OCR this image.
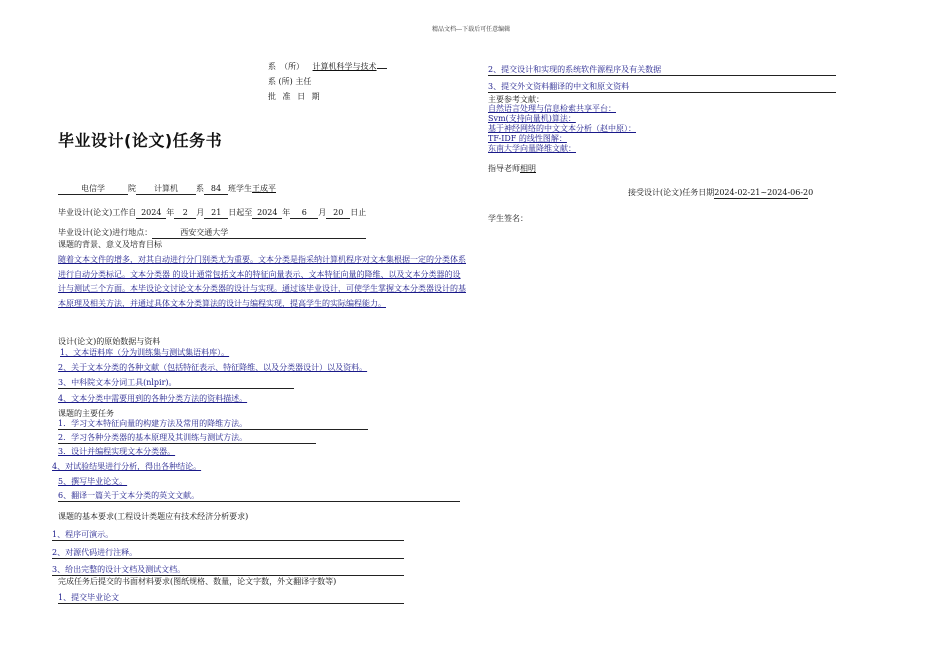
精品文档---下载后可任意编辑
系　（所） 计算机科学与技术
系 (所) 主任
批 准 日 期
毕业设计(论文)任务书
电信学	院 计算机 系 84 班学生王成平
毕业设计(论文)工作自 2024 年 2 月 21 日起至 2024 年 6 月 20 日止
毕业设计(论文)进行地点：	西安交通大学
课题的背景、意义及培育目标
随着文本文件的增多，对其自动进行分门别类尤为重要。文本分类是指采纳计算机程序对文本集根据一定的分类体系进行自动分类标记。文本分类器 的设计通常包括文本的特征向量表示、文本特征向量的降维、以及文本分类器的设计与测试三个方面。本毕设论文讨论文本分类器的设计与实现。通过该毕业设计，可使学生掌握文本分类器设计的基本原理及相关方法，并通过具体文本分类算法的设计与编程实现，提高学生的实际编程能力。
设计(论文)的原始数据与资料
1、文本语料库（分为训练集与测试集语料库）。
2、关于文本分类的各种文献（包括特征表示、特征降维、以及分类器设计）以及资料。
3、中科院文本分词工具(nlpir)。
4、文本分类中需要用到的各种分类方法的资料描述。
课题的主要任务
1．学习文本特征向量的构建方法及常用的降维方法。
2．学习各种分类器的基本原理及其训练与测试方法。
3．设计并编程实现文本分类器。
4、对试验结果进行分析，得出各种结论。
5、撰写毕业论文。
6、翻译一篇关于文本分类的英文文献。
课题的基本要求(工程设计类题应有技术经济分析要求)
1、程序可演示。
2、对源代码进行注释。
3、给出完整的设计文档及测试文档。
完成任务后提交的书面材料要求(图纸规格、数量，论文字数，外文翻译字数等)
1、提交毕业论文
2、提交设计和实现的系统软件源程序及有关数据
3、提交外文资料翻译的中文和原文资料
主要参考文献：
自然语言处理与信息检索共享平台：
Svm(支持向量机)算法：
基于神经网络的中文文本分析（赵中原）：
TF-IDF 的线性图解：
东南大学向量降维文献：
指导老师相明
接受设计(论文)任务日期2024-02-21~2024-06-20
学生签名：
